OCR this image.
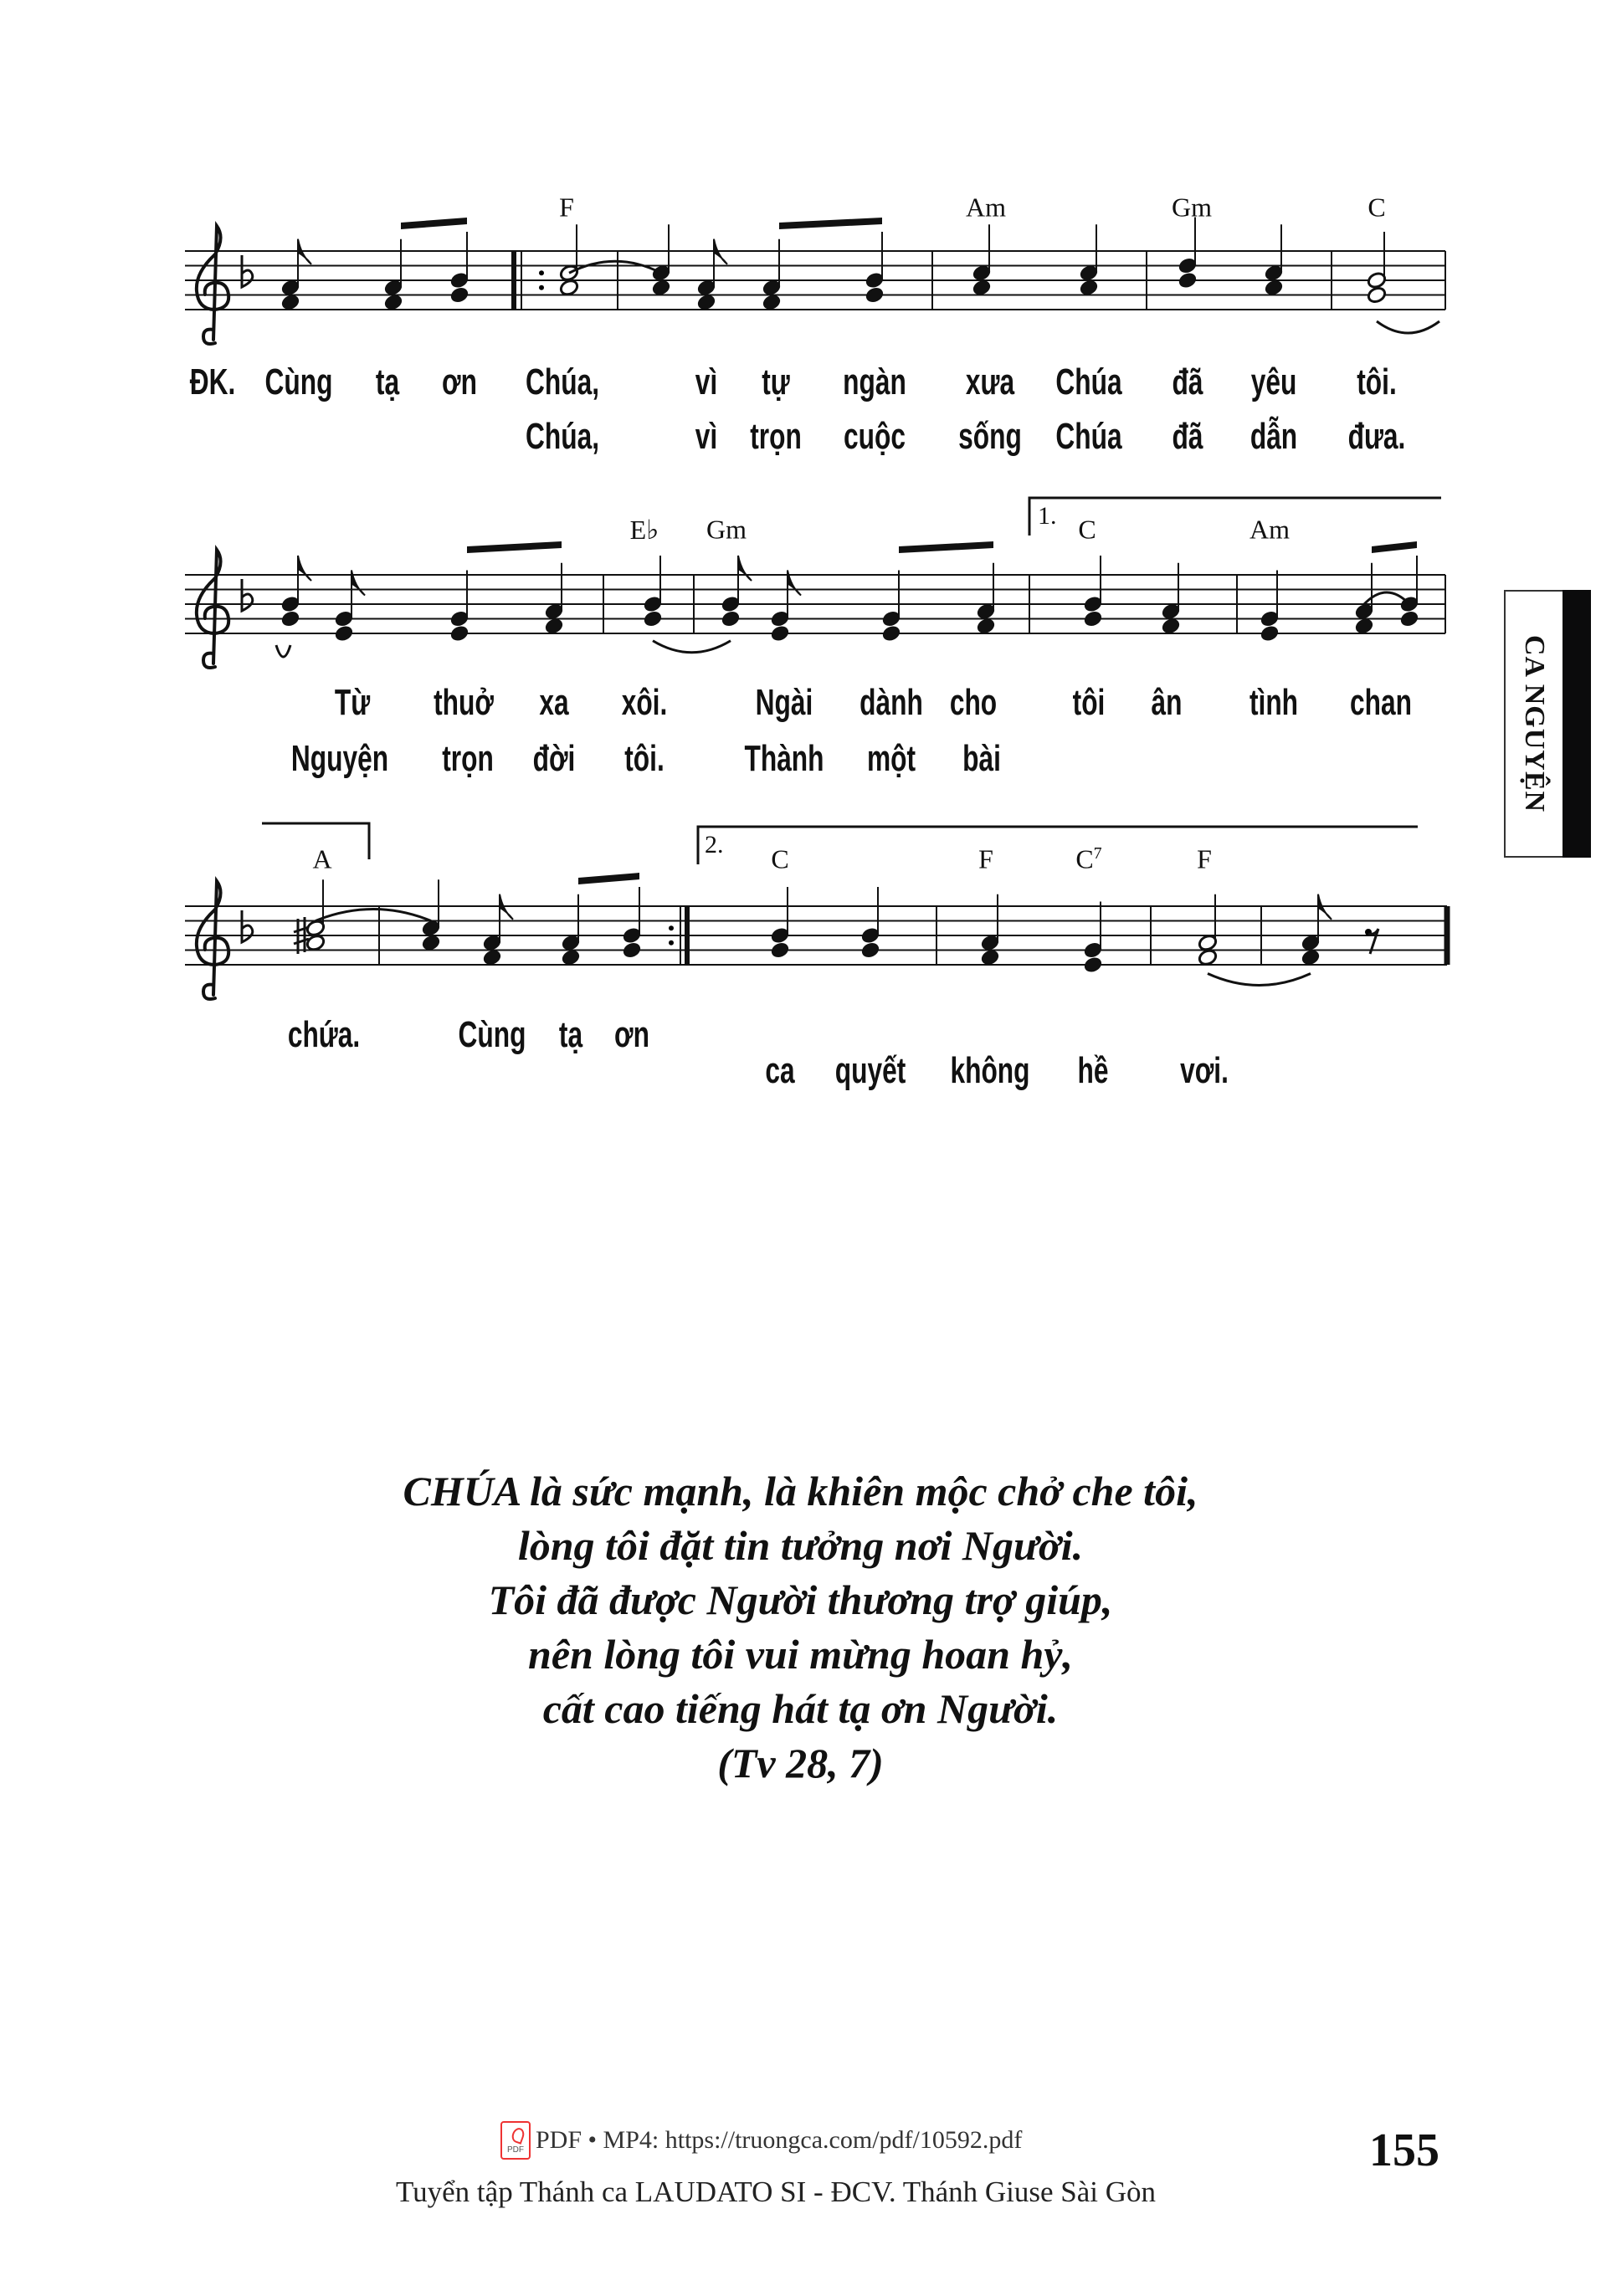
F	Am	Gm	C
ĐK. Cùng tạ ơn Chúa,	vì tự ngàn xưa Chúa đã yêu tôi.
Chúa,	vì trọn cuộc sống Chúa đã dẫn đưa.
1.
E♭ Gm	C	Am
Từ thuở xa xôi. Ngài dành cho tôi ân tình chan
Nguyện trọn đời tôi. Thành một bài
2.
A	C	F	$C^7$	F
chứa.	Cùng tạ ơn
ca quyết không hề vơi.
CA NGUYỆN
CHÚA là sức mạnh, là khiên mộc chở che tôi,
lòng tôi đặt tin tưởng nơi Người.
Tôi đã được Người thương trợ giúp,
nên lòng tôi vui mừng hoan hỷ,
cất cao tiếng hát tạ ơn Người.
(Tv 28, 7)
155
PDF PDF • MP4: https://truongca.com/pdf/10592.pdf
Tuyển tập Thánh ca LAUDATO SI - ĐCV. Thánh Giuse Sài Gòn
